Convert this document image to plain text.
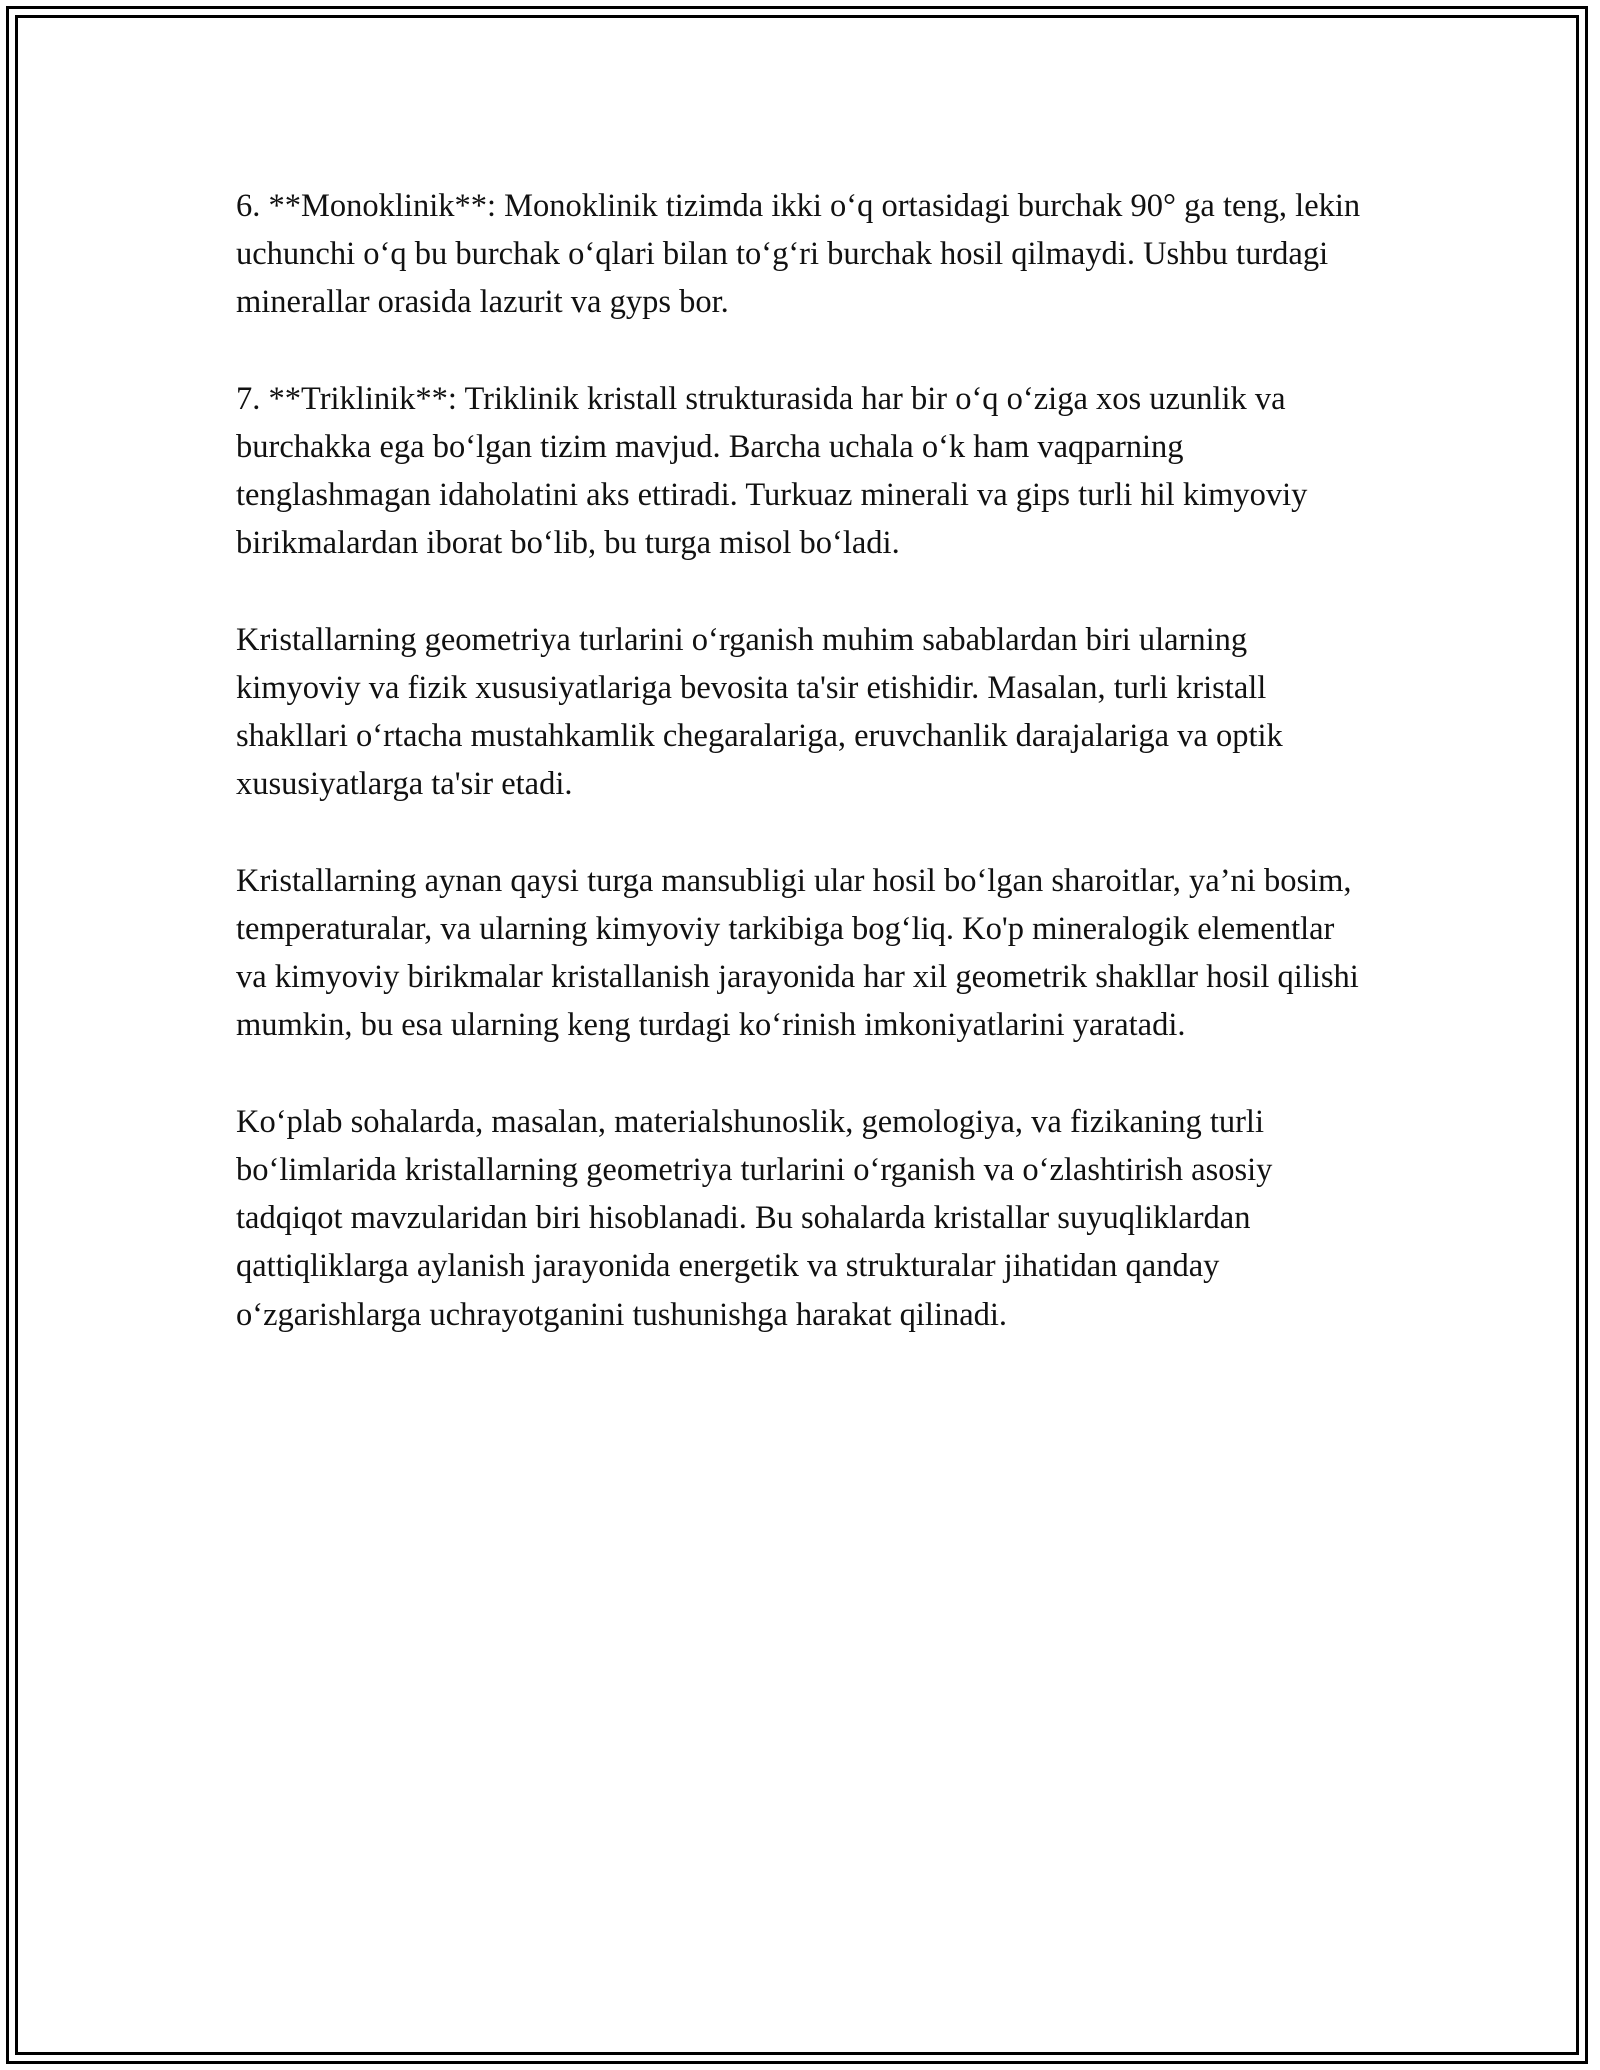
6. **Monoklinik**: Monoklinik tizimda ikki o‘q ortasidagi burchak 90° ga teng, lekin uchunchi o‘q bu burchak o‘qlari bilan to‘g‘ri burchak hosil qilmaydi. Ushbu turdagi minerallar orasida lazurit va gyps bor.

7. **Triklinik**: Triklinik kristall strukturasida har bir o‘q o‘ziga xos uzunlik va burchakka ega bo‘lgan tizim mavjud. Barcha uchala o‘k ham vaqparning tenglashmagan idaholatini aks ettiradi. Turkuaz minerali va gips turli hil kimyoviy birikmalardan iborat bo‘lib, bu turga misol bo‘ladi.

Kristallarning geometriya turlarini o‘rganish muhim sabablardan biri ularning kimyoviy va fizik xususiyatlariga bevosita ta'sir etishidir. Masalan, turli kristall shakllari o‘rtacha mustahkamlik chegaralariga, eruvchanlik darajalariga va optik xususiyatlarga ta'sir etadi.

Kristallarning aynan qaysi turga mansubligi ular hosil bo‘lgan sharoitlar, ya’ni bosim, temperaturalar, va ularning kimyoviy tarkibiga bog‘liq. Ko'p mineralogik elementlar va kimyoviy birikmalar kristallanish jarayonida har xil geometrik shakllar hosil qilishi mumkin, bu esa ularning keng turdagi ko‘rinish imkoniyatlarini yaratadi.

Ko‘plab sohalarda, masalan, materialshunoslik, gemologiya, va fizikaning turli bo‘limlarida kristallarning geometriya turlarini o‘rganish va o‘zlashtirish asosiy tadqiqot mavzularidan biri hisoblanadi. Bu sohalarda kristallar suyuqliklardan qattiqliklarga aylanish jarayonida energetik va strukturalar jihatidan qanday o‘zgarishlarga uchrayotganini tushunishga harakat qilinadi.
